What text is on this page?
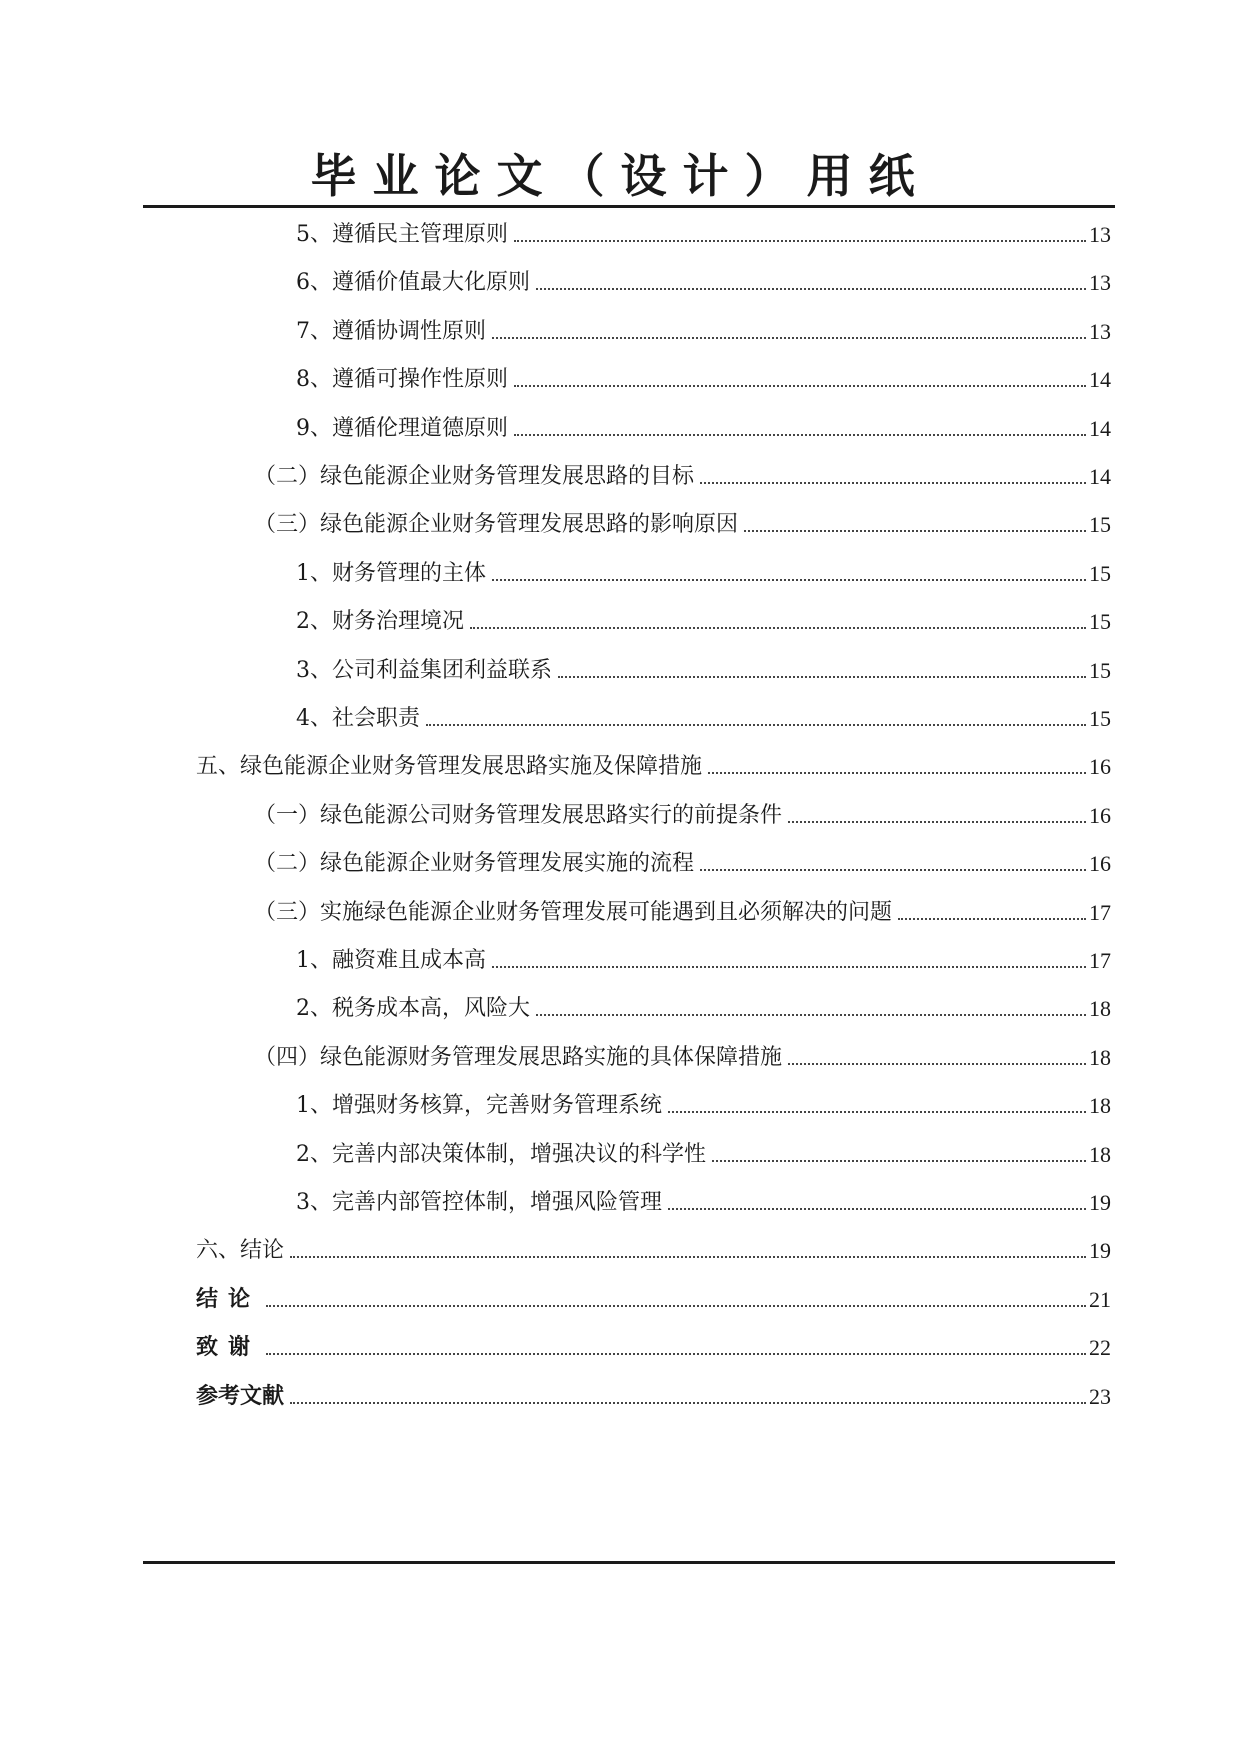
毕业论文（设计）用纸
5、遵循民主管理原则	13
6、遵循价值最大化原则	13
7、遵循协调性原则	13
8、遵循可操作性原则	14
9、遵循伦理道德原则	14
（二）绿色能源企业财务管理发展思路的目标	14
（三）绿色能源企业财务管理发展思路的影响原因	15
1、财务管理的主体	15
2、财务治理境况	15
3、公司利益集团利益联系	15
4、社会职责	15
五、绿色能源企业财务管理发展思路实施及保障措施	16
（一）绿色能源公司财务管理发展思路实行的前提条件	16
（二）绿色能源企业财务管理发展实施的流程	16
（三）实施绿色能源企业财务管理发展可能遇到且必须解决的问题	17
1、融资难且成本高	17
2、税务成本高，风险大	18
（四）绿色能源财务管理发展思路实施的具体保障措施	18
1、增强财务核算，完善财务管理系统	18
2、完善内部决策体制，增强决议的科学性	18
3、完善内部管控体制，增强风险管理	19
六、结论	19
结论	21
致谢	22
参考文献	23
